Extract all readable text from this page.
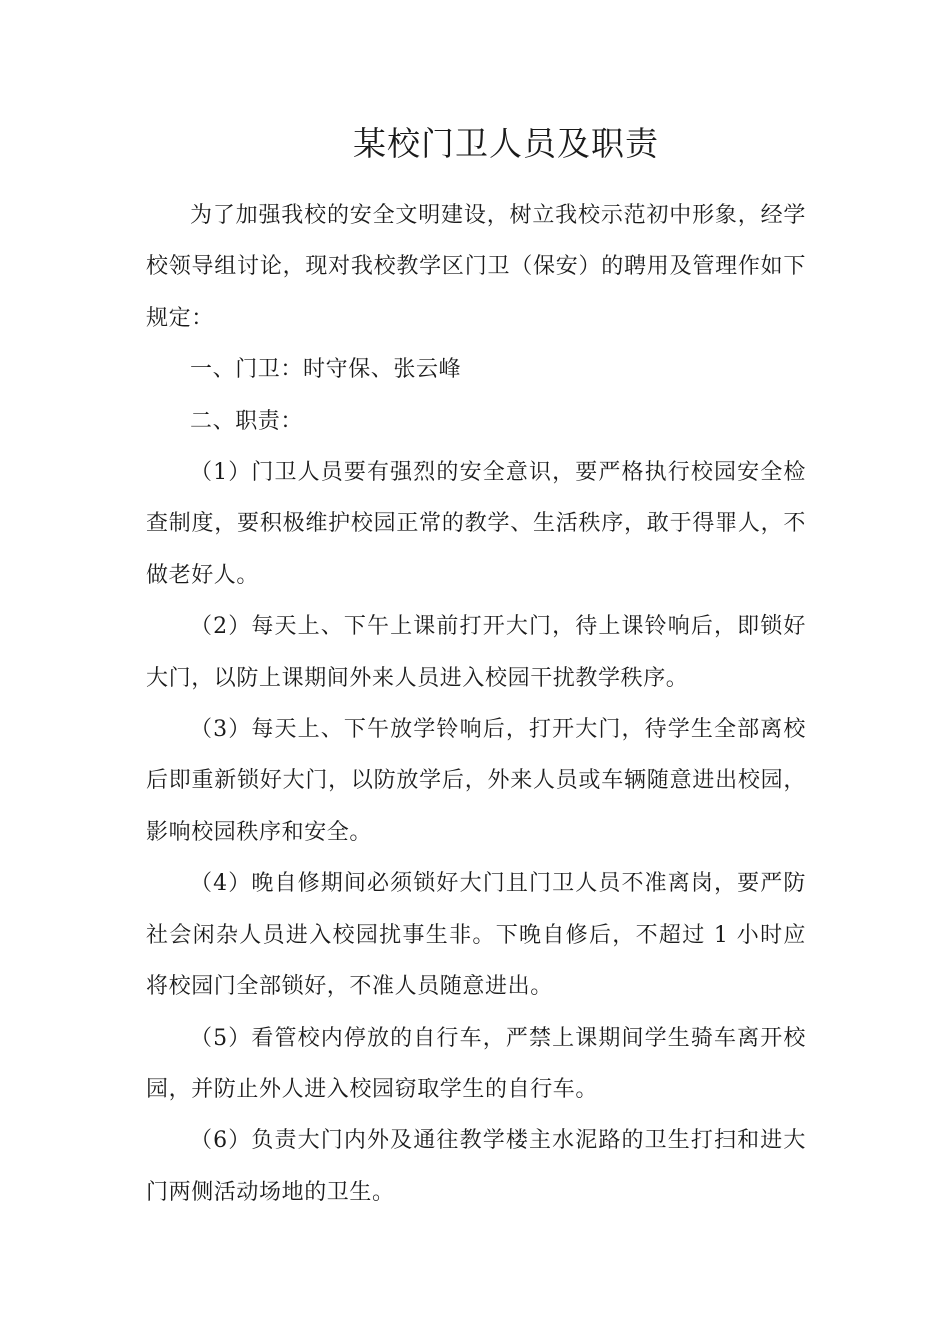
某校门卫人员及职责

为了加强我校的安全文明建设，树立我校示范初中形象，经学校领导组讨论，现对我校教学区门卫（保安）的聘用及管理作如下规定：

一、门卫：时守保、张云峰

二、职责：

（1）门卫人员要有强烈的安全意识，要严格执行校园安全检查制度，要积极维护校园正常的教学、生活秩序，敢于得罪人，不做老好人。

（2）每天上、下午上课前打开大门，待上课铃响后，即锁好大门，以防上课期间外来人员进入校园干扰教学秩序。

（3）每天上、下午放学铃响后，打开大门，待学生全部离校后即重新锁好大门，以防放学后，外来人员或车辆随意进出校园，影响校园秩序和安全。

（4）晚自修期间必须锁好大门且门卫人员不准离岗，要严防社会闲杂人员进入校园扰事生非。下晚自修后，不超过 1 小时应将校园门全部锁好，不准人员随意进出。

（5）看管校内停放的自行车，严禁上课期间学生骑车离开校园，并防止外人进入校园窃取学生的自行车。

（6）负责大门内外及通往教学楼主水泥路的卫生打扫和进大门两侧活动场地的卫生。
